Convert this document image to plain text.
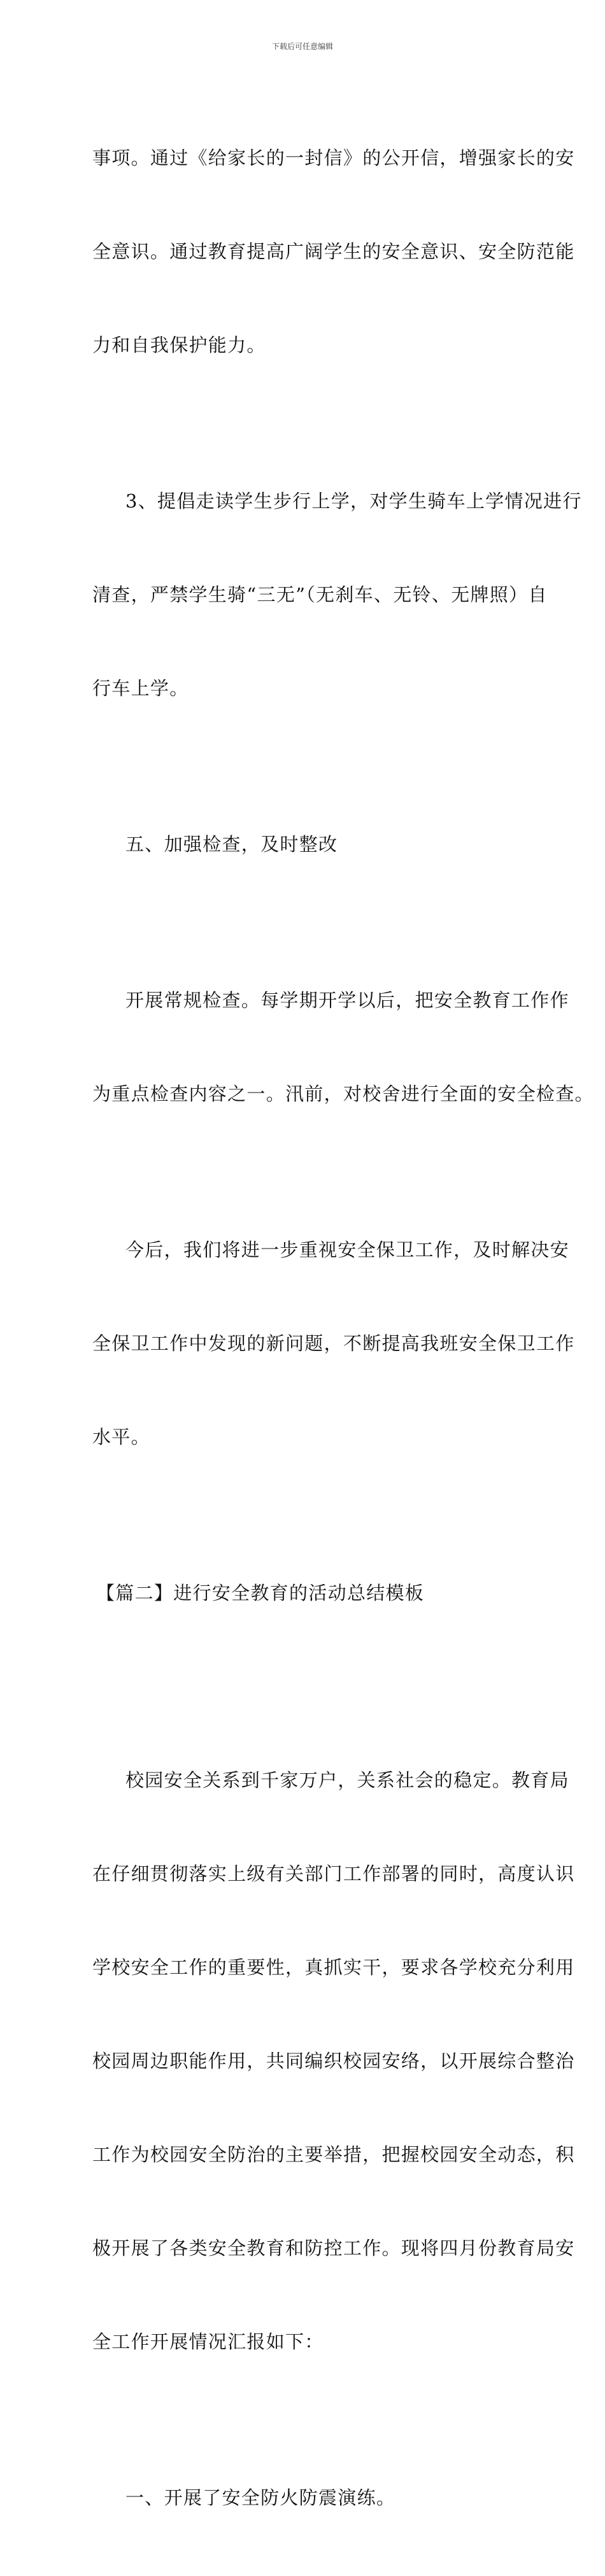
下载后可任意编辑

事项。通过《给家长的一封信》的公开信，增强家长的安

全意识。通过教育提高广阔学生的安全意识、安全防范能

力和自我保护能力。

3、提倡走读学生步行上学，对学生骑车上学情况进行

清查，严禁学生骑“三无”（无刹车、无铃、无牌照）自

行车上学。

五、加强检查，及时整改

开展常规检查。每学期开学以后，把安全教育工作作

为重点检查内容之一。汛前，对校舍进行全面的安全检查。

今后，我们将进一步重视安全保卫工作，及时解决安

全保卫工作中发现的新问题，不断提高我班安全保卫工作

水平。

【篇二】进行安全教育的活动总结模板

校园安全关系到千家万户，关系社会的稳定。教育局

在仔细贯彻落实上级有关部门工作部署的同时，高度认识

学校安全工作的重要性，真抓实干，要求各学校充分利用

校园周边职能作用，共同编织校园安络，以开展综合整治

工作为校园安全防治的主要举措，把握校园安全动态，积

极开展了各类安全教育和防控工作。现将四月份教育局安

全工作开展情况汇报如下：

一、开展了安全防火防震演练。
